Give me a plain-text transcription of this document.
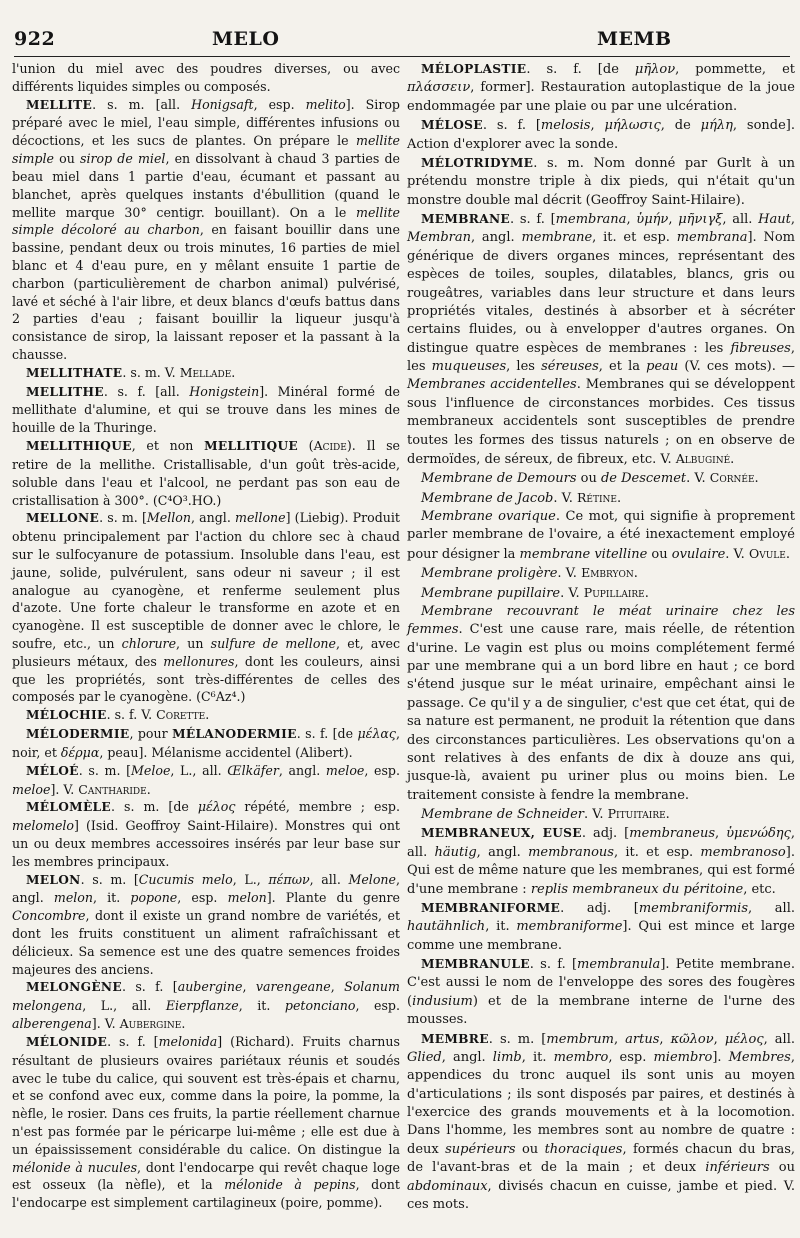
922	MELO	MEMB

l'union du miel avec des poudres diverses, ou avec différents liquides simples ou composés.

MELLITE. s. m. [all. Honigsaft, esp. melito]. Sirop préparé avec le miel, l'eau simple, différentes infusions ou décoctions, et les sucs de plantes. On prépare le mellite simple ou sirop de miel, en dissolvant à chaud 3 parties de beau miel dans 1 partie d'eau, écumant et passant au blanchet, après quelques instants d'ébullition (quand le mellite marque 30° centigr. bouillant). On a le mellite simple décoloré au charbon, en faisant bouillir dans une bassine, pendant deux ou trois minutes, 16 parties de miel blanc et 4 d'eau pure, en y mêlant ensuite 1 partie de charbon (particulièrement de charbon animal) pulvérisé, lavé et séché à l'air libre, et deux blancs d'œufs battus dans 2 parties d'eau ; faisant bouillir la liqueur jusqu'à consistance de sirop, la laissant reposer et la passant à la chausse.

MELLITHATE. s. m. V. Mellade.

MELLITHE. s. f. [all. Honigstein]. Minéral formé de mellithate d'alumine, et qui se trouve dans les mines de houille de la Thuringe.

MELLITHIQUE, et non MELLITIQUE (Acide). Il se retire de la mellithe. Cristallisable, d'un goût très-acide, soluble dans l'eau et l'alcool, ne perdant pas son eau de cristallisation à 300°. (C⁴O³.HO.)

MELLONE. s. m. [Mellon, angl. mellone] (Liebig). Produit obtenu principalement par l'action du chlore sec à chaud sur le sulfocyanure de potassium. Insoluble dans l'eau, est jaune, solide, pulvérulent, sans odeur ni saveur ; il est analogue au cyanogène, et renferme seulement plus d'azote. Une forte chaleur le transforme en azote et en cyanogène. Il est susceptible de donner avec le chlore, le soufre, etc., un chlorure, un sulfure de mellone, et, avec plusieurs métaux, des mellonures, dont les couleurs, ainsi que les propriétés, sont très-différentes de celles des composés par le cyanogène. (C⁶Az⁴.)

MÉLOCHIE. s. f. V. Corette.

MÉLODERMIE, pour MÉLANODERMIE. s. f. [de μέλας, noir, et δέρμα, peau]. Mélanisme accidentel (Alibert).

MÉLOÉ. s. m. [Meloe, L., all. Œlkäfer, angl. meloe, esp. meloe]. V. Cantharide.

MÉLOMÈLE. s. m. [de μέλος répété, membre ; esp. melomelo] (Isid. Geoffroy Saint-Hilaire). Monstres qui ont un ou deux membres accessoires insérés par leur base sur les membres principaux.

MELON. s. m. [Cucumis melo, L., πέπων, all. Melone, angl. melon, it. popone, esp. melon]. Plante du genre Concombre, dont il existe un grand nombre de variétés, et dont les fruits constituent un aliment rafraîchissant et délicieux. Sa semence est une des quatre semences froides majeures des anciens.

MELONGÈNE. s. f. [aubergine, varengeane, Solanum melongena, L., all. Eierpflanze, it. petonciano, esp. alberengena]. V. Aubergine.

MÉLONIDE. s. f. [melonida] (Richard). Fruits charnus résultant de plusieurs ovaires pariétaux réunis et soudés avec le tube du calice, qui souvent est très-épais et charnu, et se confond avec eux, comme dans la poire, la pomme, la nèfle, le rosier. Dans ces fruits, la partie réellement charnue n'est pas formée par le péricarpe lui-même ; elle est due à un épaississement considérable du calice. On distingue la mélonide à nucules, dont l'endocarpe qui revêt chaque loge est osseux (la nèfle), et la mélonide à pepins, dont l'endocarpe est simplement cartilagineux (poire, pomme).

MÉLOPLASTIE. s. f. [de μῆλον, pommette, et πλάσσειν, former]. Restauration autoplastique de la joue endommagée par une plaie ou par une ulcération.

MÉLOSE. s. f. [melosis, μήλωσις, de μήλη, sonde]. Action d'explorer avec la sonde.

MÉLOTRIDYME. s. m. Nom donné par Gurlt à un prétendu monstre triple à dix pieds, qui n'était qu'un monstre double mal décrit (Geoffroy Saint-Hilaire).

MEMBRANE. s. f. [membrana, ὑμήν, μῆνιγξ, all. Haut, Membran, angl. membrane, it. et esp. membrana]. Nom générique de divers organes minces, représentant des espèces de toiles, souples, dilatables, blancs, gris ou rougeâtres, variables dans leur structure et dans leurs propriétés vitales, destinés à absorber et à sécréter certains fluides, ou à envelopper d'autres organes. On distingue quatre espèces de membranes : les fibreuses, les muqueuses, les séreuses, et la peau (V. ces mots). — Membranes accidentelles. Membranes qui se développent sous l'influence de circonstances morbides. Ces tissus membraneux accidentels sont susceptibles de prendre toutes les formes des tissus naturels ; on en observe de dermoïdes, de séreux, de fibreux, etc. V. Albuginé.

Membrane de Demours ou de Descemet. V. Cornée.

Membrane de Jacob. V. Rétine.

Membrane ovarique. Ce mot, qui signifie à proprement parler membrane de l'ovaire, a été inexactement employé pour désigner la membrane vitelline ou ovulaire. V. Ovule.

Membrane proligère. V. Embryon.

Membrane pupillaire. V. Pupillaire.

Membrane recouvrant le méat urinaire chez les femmes. C'est une cause rare, mais réelle, de rétention d'urine. Le vagin est plus ou moins complétement fermé par une membrane qui a un bord libre en haut ; ce bord s'étend jusque sur le méat urinaire, empêchant ainsi le passage. Ce qu'il y a de singulier, c'est que cet état, qui de sa nature est permanent, ne produit la rétention que dans des circonstances particulières. Les observations qu'on a sont relatives à des enfants de dix à douze ans qui, jusque-là, avaient pu uriner plus ou moins bien. Le traitement consiste à fendre la membrane.

Membrane de Schneider. V. Pituitaire.

MEMBRANEUX, EUSE. adj. [membraneus, ὑμενώδης, all. häutig, angl. membranous, it. et esp. membranoso]. Qui est de même nature que les membranes, qui est formé d'une membrane : replis membraneux du péritoine, etc.

MEMBRANIFORME. adj. [membraniformis, all. hautähnlich, it. membraniforme]. Qui est mince et large comme une membrane.

MEMBRANULE. s. f. [membranula]. Petite membrane. C'est aussi le nom de l'enveloppe des sores des fougères (indusium) et de la membrane interne de l'urne des mousses.

MEMBRE. s. m. [membrum, artus, κῶλον, μέλος, all. Glied, angl. limb, it. membro, esp. miembro]. Membres, appendices du tronc auquel ils sont unis au moyen d'articulations ; ils sont disposés par paires, et destinés à l'exercice des grands mouvements et à la locomotion. Dans l'homme, les membres sont au nombre de quatre : deux supérieurs ou thoraciques, formés chacun du bras, de l'avant-bras et de la main ; et deux inférieurs ou abdominaux, divisés chacun en cuisse, jambe et pied. V. ces mots.
